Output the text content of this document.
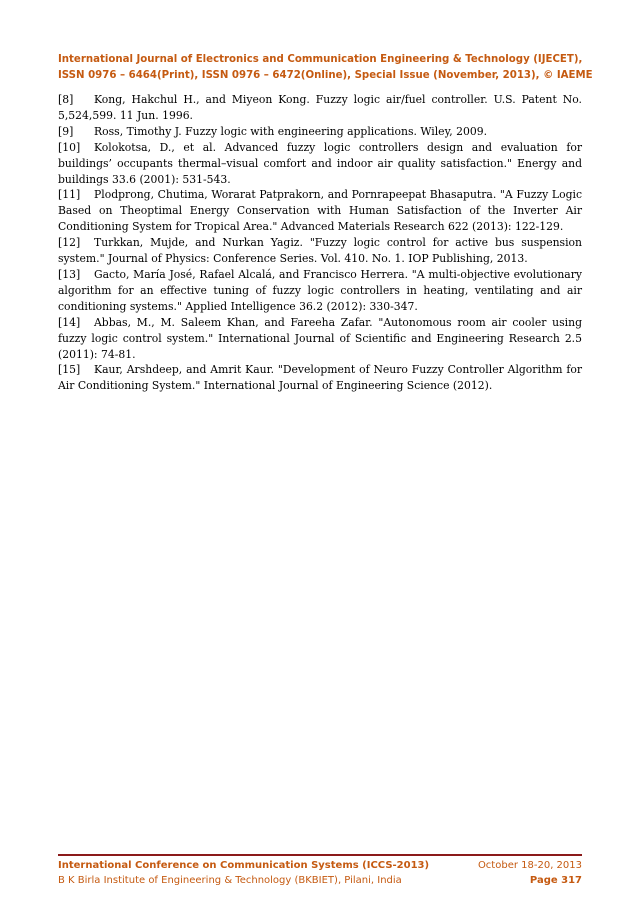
International Journal of Electronics and Communication Engineering & Technology (IJECET),
ISSN 0976 – 6464(Print), ISSN 0976 – 6472(Online), Special Issue (November, 2013), © IAEME

[8] Kong, Hakchul H., and Miyeon Kong. Fuzzy logic air/fuel controller. U.S. Patent No. 5,524,599. 11 Jun. 1996.

[9] Ross, Timothy J. Fuzzy logic with engineering applications. Wiley, 2009.

[10] Kolokotsa, D., et al. Advanced fuzzy logic controllers design and evaluation for buildings’ occupants thermal–visual comfort and indoor air quality satisfaction." Energy and buildings 33.6 (2001): 531-543.

[11] Plodprong, Chutima, Worarat Patprakorn, and Pornrapeepat Bhasaputra. "A Fuzzy Logic Based on Theoptimal Energy Conservation with Human Satisfaction of the Inverter Air Conditioning System for Tropical Area." Advanced Materials Research 622 (2013): 122-129.

[12] Turkkan, Mujde, and Nurkan Yagiz. "Fuzzy logic control for active bus suspension system." Journal of Physics: Conference Series. Vol. 410. No. 1. IOP Publishing, 2013.

[13] Gacto, María José, Rafael Alcalá, and Francisco Herrera. "A multi-objective evolutionary algorithm for an effective tuning of fuzzy logic controllers in heating, ventilating and air conditioning systems." Applied Intelligence 36.2 (2012): 330-347.

[14] Abbas, M., M. Saleem Khan, and Fareeha Zafar. "Autonomous room air cooler using fuzzy logic control system." International Journal of Scientific and Engineering Research 2.5 (2011): 74-81.

[15] Kaur, Arshdeep, and Amrit Kaur. "Development of Neuro Fuzzy Controller Algorithm for Air Conditioning System." International Journal of Engineering Science (2012).

International Conference on Communication Systems (ICCS-2013)	October 18-20, 2013
B K Birla Institute of Engineering & Technology (BKBIET), Pilani, India	Page 317
